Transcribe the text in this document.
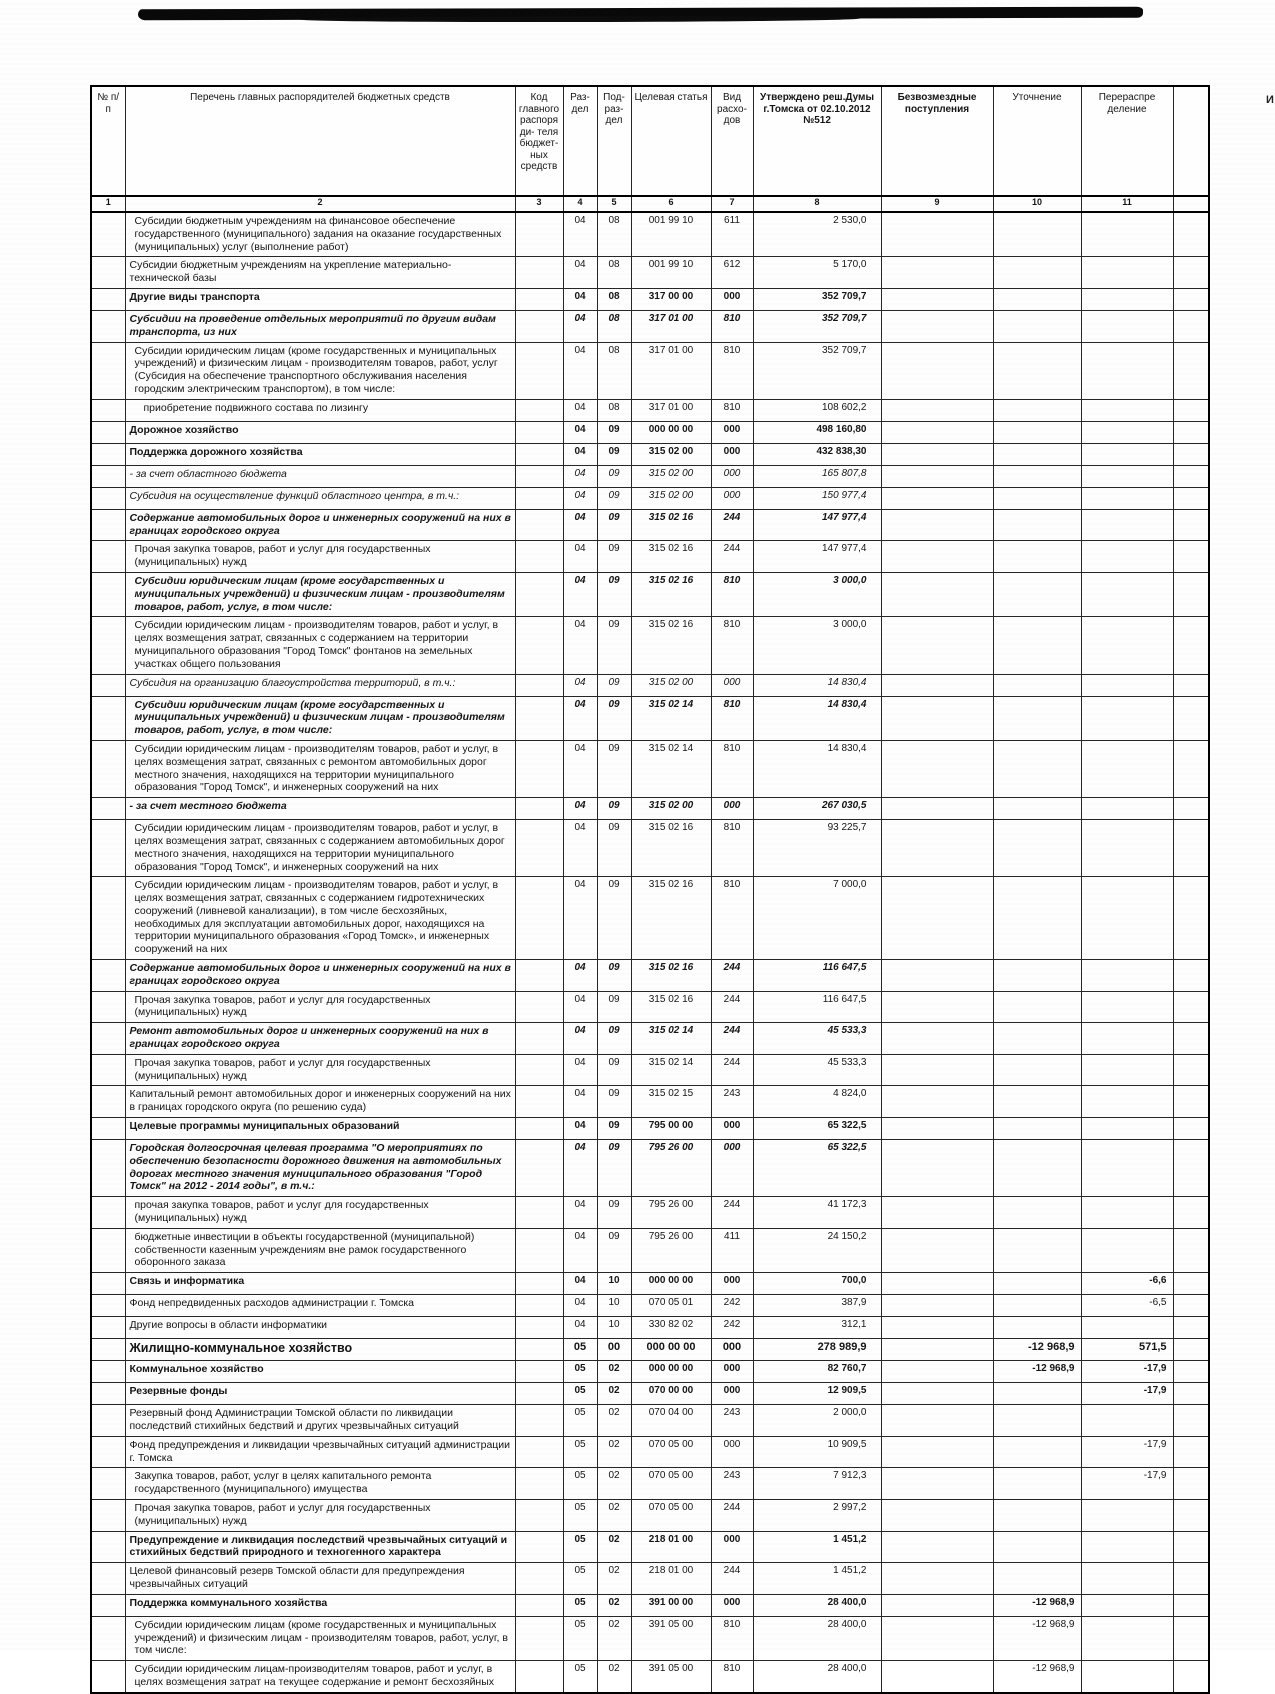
И
№ п/п	Перечень главных распорядителей бюджетных средств	Код главного распоряди- теля бюджет- ных средств	Раз- дел	Под- раз- дел	Целевая статья	Вид расхо- дов	Утверждено реш.Думы г.Томска от 02.10.2012 №512	Безвозмездные поступления	Уточнение	Перераспре деление	
1	2	3	4	5	6	7	8	9	10	11	
	Субсидии бюджетным учреждениям на финансовое обеспечение государственного (муниципального) задания на оказание государственных (муниципальных) услуг (выполнение работ)		04	08	001 99 10	611	2 530,0				
	Субсидии бюджетным учреждениям на укрепление материально-технической базы		04	08	001 99 10	612	5 170,0				
	Другие виды транспорта		04	08	317 00 00	000	352 709,7				
	Субсидии на проведение отдельных мероприятий по другим видам транспорта, из них		04	08	317 01 00	810	352 709,7				
	Субсидии юридическим лицам (кроме государственных и муниципальных учреждений) и физическим лицам - производителям товаров, работ, услуг (Субсидия на обеспечение транспортного обслуживания населения городским электрическим транспортом), в том числе:		04	08	317 01 00	810	352 709,7				
	приобретение подвижного состава по лизингу		04	08	317 01 00	810	108 602,2				
	Дорожное хозяйство		04	09	000 00 00	000	498 160,80				
	Поддержка дорожного хозяйства		04	09	315 02 00	000	432 838,30				
	- за счет областного бюджета		04	09	315 02 00	000	165 807,8				
	Субсидия на осуществление функций областного центра, в т.ч.:		04	09	315 02 00	000	150 977,4				
	Содержание автомобильных дорог и инженерных сооружений на них в границах городского округа		04	09	315 02 16	244	147 977,4				
	Прочая закупка товаров, работ и услуг для государственных (муниципальных) нужд		04	09	315 02 16	244	147 977,4				
	Субсидии юридическим лицам (кроме государственных и муниципальных учреждений) и физическим лицам - производителям товаров, работ, услуг, в том числе:		04	09	315 02 16	810	3 000,0				
	Субсидии юридическим лицам - производителям товаров, работ и услуг, в целях возмещения затрат, связанных с содержанием на территории муниципального образования "Город Томск" фонтанов на земельных участках общего пользования		04	09	315 02 16	810	3 000,0				
	Субсидия на организацию благоустройства территорий, в т.ч.:		04	09	315 02 00	000	14 830,4				
	Субсидии юридическим лицам (кроме государственных и муниципальных учреждений) и физическим лицам - производителям товаров, работ, услуг, в том числе:		04	09	315 02 14	810	14 830,4				
	Субсидии юридическим лицам - производителям товаров, работ и услуг, в целях возмещения затрат, связанных с ремонтом автомобильных дорог местного значения, находящихся на территории муниципального образования "Город Томск", и инженерных сооружений на них		04	09	315 02 14	810	14 830,4				
	- за счет местного бюджета		04	09	315 02 00	000	267 030,5				
	Субсидии юридическим лицам - производителям товаров, работ и услуг, в целях возмещения затрат, связанных с содержанием автомобильных дорог местного значения, находящихся на территории муниципального образования "Город Томск", и инженерных сооружений на них		04	09	315 02 16	810	93 225,7				
	Субсидии юридическим лицам - производителям товаров, работ и услуг, в целях возмещения затрат, связанных с содержанием гидротехнических сооружений (ливневой канализации), в том числе бесхозяйных, необходимых для эксплуатации автомобильных дорог, находящихся на территории муниципального образования «Город Томск», и инженерных сооружений на них		04	09	315 02 16	810	7 000,0				
	Содержание автомобильных дорог и инженерных сооружений на них в границах городского округа		04	09	315 02 16	244	116 647,5				
	Прочая закупка товаров, работ и услуг для государственных (муниципальных) нужд		04	09	315 02 16	244	116 647,5				
	Ремонт автомобильных дорог и инженерных сооружений на них в границах городского округа		04	09	315 02 14	244	45 533,3				
	Прочая закупка товаров, работ и услуг для государственных (муниципальных) нужд		04	09	315 02 14	244	45 533,3				
	Капитальный ремонт автомобильных дорог и инженерных сооружений на них в границах городского округа (по решению суда)		04	09	315 02 15	243	4 824,0				
	Целевые программы муниципальных образований		04	09	795 00 00	000	65 322,5				
	Городская долгосрочная целевая программа "О мероприятиях по обеспечению безопасности дорожного движения на автомобильных дорогах местного значения муниципального образования "Город Томск" на 2012 - 2014 годы", в т.ч.:		04	09	795 26 00	000	65 322,5				
	прочая закупка товаров, работ и услуг для государственных (муниципальных) нужд		04	09	795 26 00	244	41 172,3				
	бюджетные инвестиции в объекты государственной (муниципальной) собственности казенным учреждениям вне рамок государственного оборонного заказа		04	09	795 26 00	411	24 150,2				
	Связь и информатика		04	10	000 00 00	000	700,0			-6,6	
	Фонд непредвиденных расходов администрации г. Томска		04	10	070 05 01	242	387,9			-6,5	
	Другие вопросы в области информатики		04	10	330 82 02	242	312,1				
	Жилищно-коммунальное хозяйство		05	00	000 00 00	000	278 989,9		-12 968,9	571,5	
	Коммунальное хозяйство		05	02	000 00 00	000	82 760,7		-12 968,9	-17,9	
	Резервные фонды		05	02	070 00 00	000	12 909,5			-17,9	
	Резервный фонд Администрации Томской области по ликвидации последствий стихийных бедствий и других чрезвычайных ситуаций		05	02	070 04 00	243	2 000,0				
	Фонд предупреждения и ликвидации чрезвычайных ситуаций администрации г. Томска		05	02	070 05 00	000	10 909,5			-17,9	
	Закупка товаров, работ, услуг в целях капитального ремонта государственного (муниципального) имущества		05	02	070 05 00	243	7 912,3			-17,9	
	Прочая закупка товаров, работ и услуг для государственных (муниципальных) нужд		05	02	070 05 00	244	2 997,2				
	Предупреждение и ликвидация последствий чрезвычайных ситуаций и стихийных бедствий природного и техногенного характера		05	02	218 01 00	000	1 451,2				
	Целевой финансовый резерв Томской области для предупреждения чрезвычайных ситуаций		05	02	218 01 00	244	1 451,2				
	Поддержка коммунального хозяйства		05	02	391 00 00	000	28 400,0		-12 968,9		
	Субсидии юридическим лицам (кроме государственных и муниципальных учреждений) и физическим лицам - производителям товаров, работ, услуг, в том числе:		05	02	391 05 00	810	28 400,0		-12 968,9		
	Субсидии юридическим лицам-производителям товаров, работ и услуг, в целях возмещения затрат на текущее содержание и ремонт бесхозяйных		05	02	391 05 00	810	28 400,0		-12 968,9		
